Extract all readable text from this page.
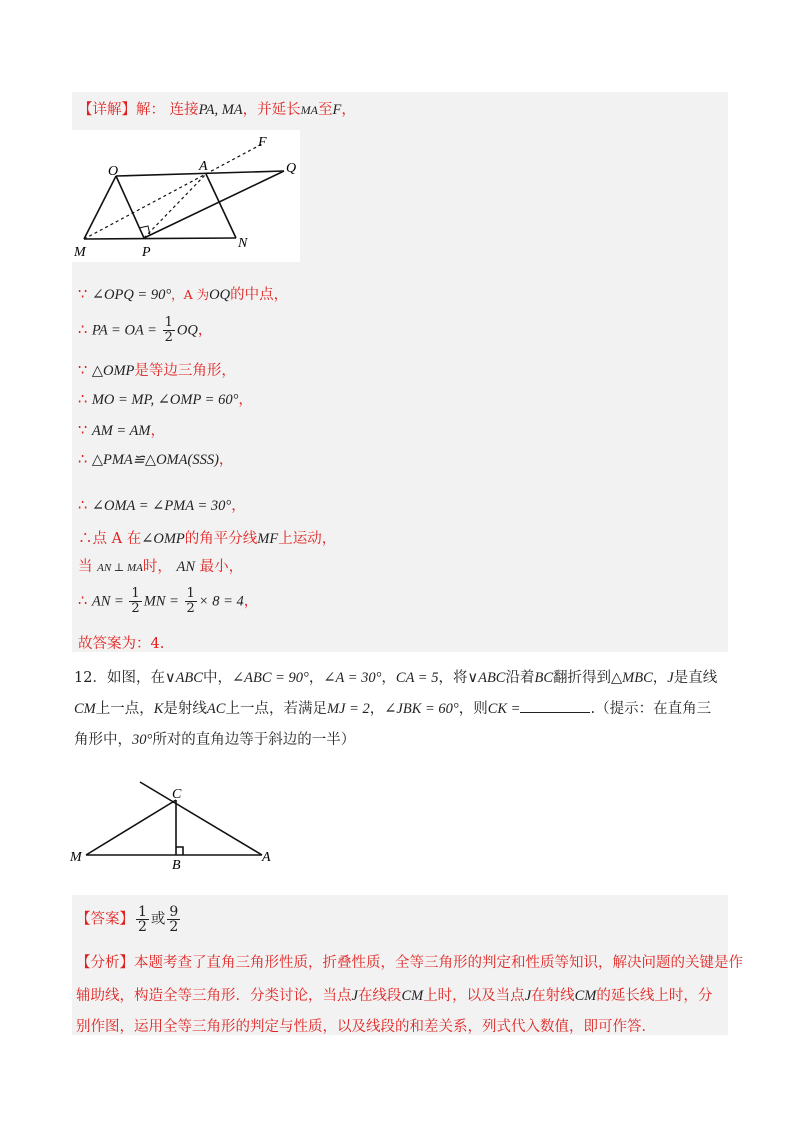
【详解】解： 连接PA, MA，并延长MA至F，
O	A
F
Q
M	P
N
∵ ∠OPQ = 90°，A 为OQ的中点，
∴ PA = OA = $\frac{1}{2}$ OQ，
∵ △OMP是等边三角形，
∴ MO = MP, ∠OMP = 60°，
∵ AM = AM，
∴ △PMA≌△OMA(SSS)，
∴ ∠OMA = ∠PMA = 30°，
∴点 A 在∠OMP的角平分线MF上运动，
当 AN ⊥ MA时， AN 最小，
∴ AN = $\frac{1}{2}$ MN = $\frac{1}{2} \times 8 = 4$，
故答案为：4.
12．如图，在∨ABC中，∠ABC = 90°，∠A = 30°，CA = 5，将∨ABC沿着BC翻折得到△MBC，J是直线
CM上一点，K是射线AC上一点，若满足MJ = 2，∠JBK = 60°，则CK =	.（提示：在直角三
角形中，30°所对的直角边等于斜边的一半）
C
M
B
A
【答案】 $\frac{1}{2}$ 或 $\frac{9}{2}$
【分析】本题考查了直角三角形性质，折叠性质，全等三角形的判定和性质等知识，解决问题的关键是作
辅助线，构造全等三角形．分类讨论，当点J在线段CM上时，以及当点J在射线CM的延长线上时，分
别作图，运用全等三角形的判定与性质，以及线段的和差关系，列式代入数值，即可作答．
